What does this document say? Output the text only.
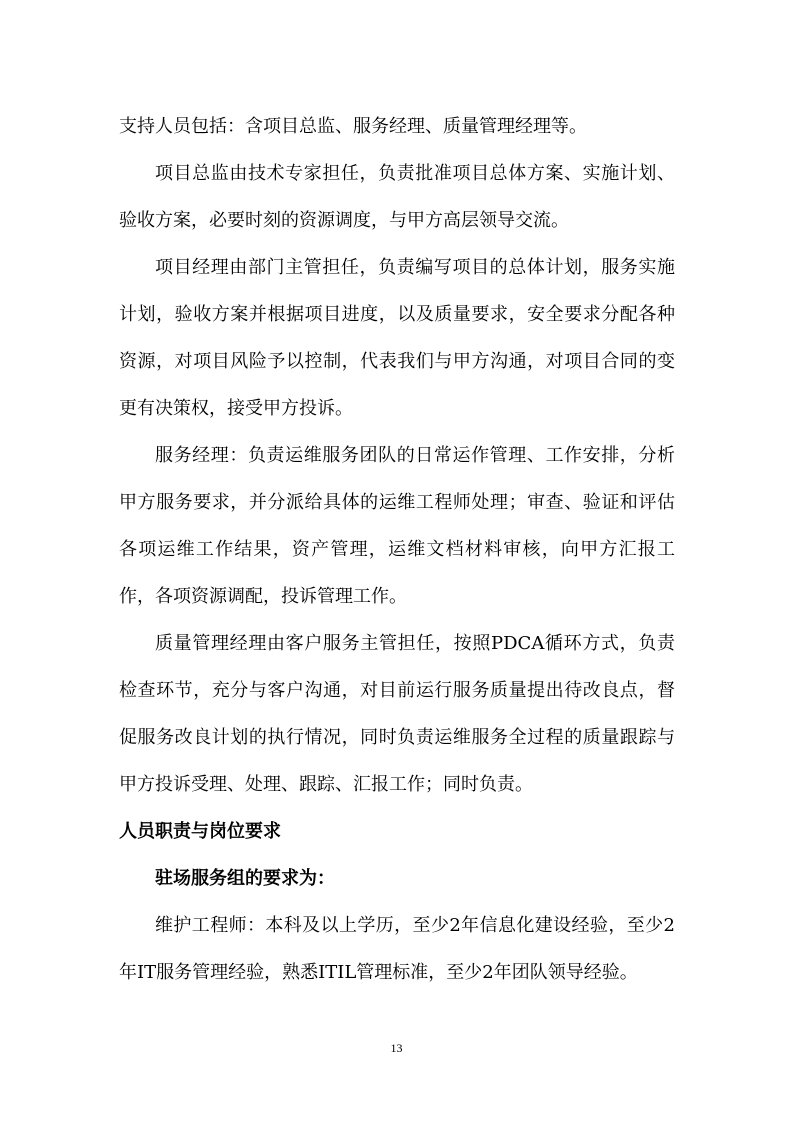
支持人员包括：含项目总监、服务经理、质量管理经理等。

项目总监由技术专家担任，负责批准项目总体方案、实施计划、验收方案，必要时刻的资源调度，与甲方高层领导交流。

项目经理由部门主管担任，负责编写项目的总体计划，服务实施计划，验收方案并根据项目进度，以及质量要求，安全要求分配各种资源，对项目风险予以控制，代表我们与甲方沟通，对项目合同的变更有决策权，接受甲方投诉。

服务经理：负责运维服务团队的日常运作管理、工作安排，分析甲方服务要求，并分派给具体的运维工程师处理；审查、验证和评估各项运维工作结果，资产管理，运维文档材料审核，向甲方汇报工作，各项资源调配，投诉管理工作。

质量管理经理由客户服务主管担任，按照PDCA循环方式，负责检查环节，充分与客户沟通，对目前运行服务质量提出待改良点，督促服务改良计划的执行情况，同时负责运维服务全过程的质量跟踪与甲方投诉受理、处理、跟踪、汇报工作；同时负责。

人员职责与岗位要求

驻场服务组的要求为：

维护工程师：本科及以上学历，至少2年信息化建设经验，至少2年IT服务管理经验，熟悉ITIL管理标准，至少2年团队领导经验。

13
